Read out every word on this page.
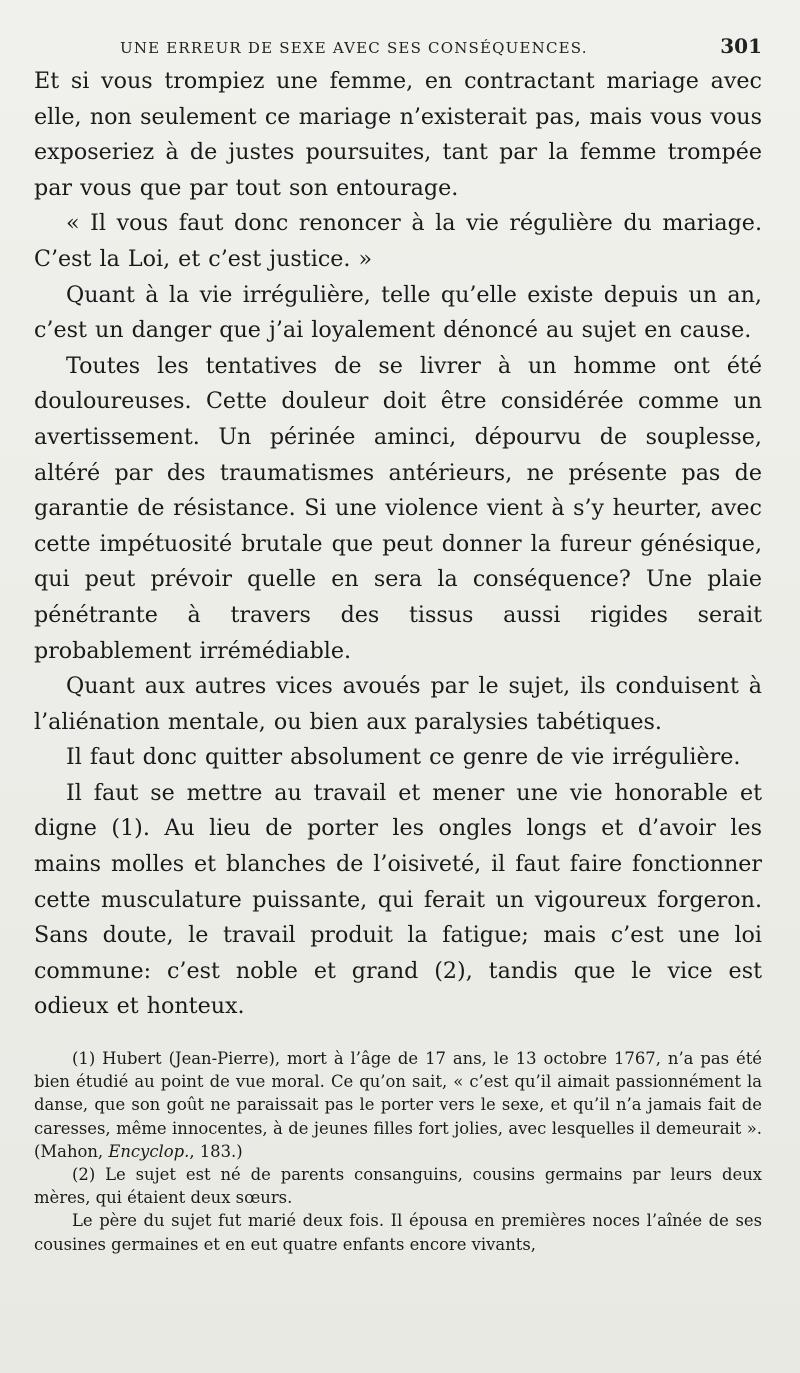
UNE ERREUR DE SEXE AVEC SES CONSÉQUENCES.	301

Et si vous trompiez une femme, en contractant mariage avec elle, non seulement ce mariage n’existerait pas, mais vous vous exposeriez à de justes poursuites, tant par la femme trompée par vous que par tout son entourage.

« Il vous faut donc renoncer à la vie régulière du mariage. C’est la Loi, et c’est justice. »

Quant à la vie irrégulière, telle qu’elle existe depuis un an, c’est un danger que j’ai loyalement dénoncé au sujet en cause.

Toutes les tentatives de se livrer à un homme ont été douloureuses. Cette douleur doit être considérée comme un avertissement. Un périnée aminci, dépourvu de souplesse, altéré par des traumatismes antérieurs, ne présente pas de garantie de résistance. Si une violence vient à s’y heurter, avec cette impétuosité brutale que peut donner la fureur génésique, qui peut prévoir quelle en sera la conséquence? Une plaie pénétrante à travers des tissus aussi rigides serait probablement irrémédiable.

Quant aux autres vices avoués par le sujet, ils conduisent à l’aliénation mentale, ou bien aux paralysies tabétiques.

Il faut donc quitter absolument ce genre de vie irrégulière.

Il faut se mettre au travail et mener une vie honorable et digne (1). Au lieu de porter les ongles longs et d’avoir les mains molles et blanches de l’oisiveté, il faut faire fonctionner cette musculature puissante, qui ferait un vigoureux forgeron. Sans doute, le travail produit la fatigue; mais c’est une loi commune: c’est noble et grand (2), tandis que le vice est odieux et honteux.

(1) Hubert (Jean-Pierre), mort à l’âge de 17 ans, le 13 octobre 1767, n’a pas été bien étudié au point de vue moral. Ce qu’on sait, « c’est qu’il aimait passionnément la danse, que son goût ne paraissait pas le porter vers le sexe, et qu’il n’a jamais fait de caresses, même innocentes, à de jeunes filles fort jolies, avec lesquelles il demeurait ». (Mahon, Encyclop., 183.)

(2) Le sujet est né de parents consanguins, cousins germains par leurs deux mères, qui étaient deux sœurs.

Le père du sujet fut marié deux fois. Il épousa en premières noces l’aînée de ses cousines germaines et en eut quatre enfants encore vivants,
